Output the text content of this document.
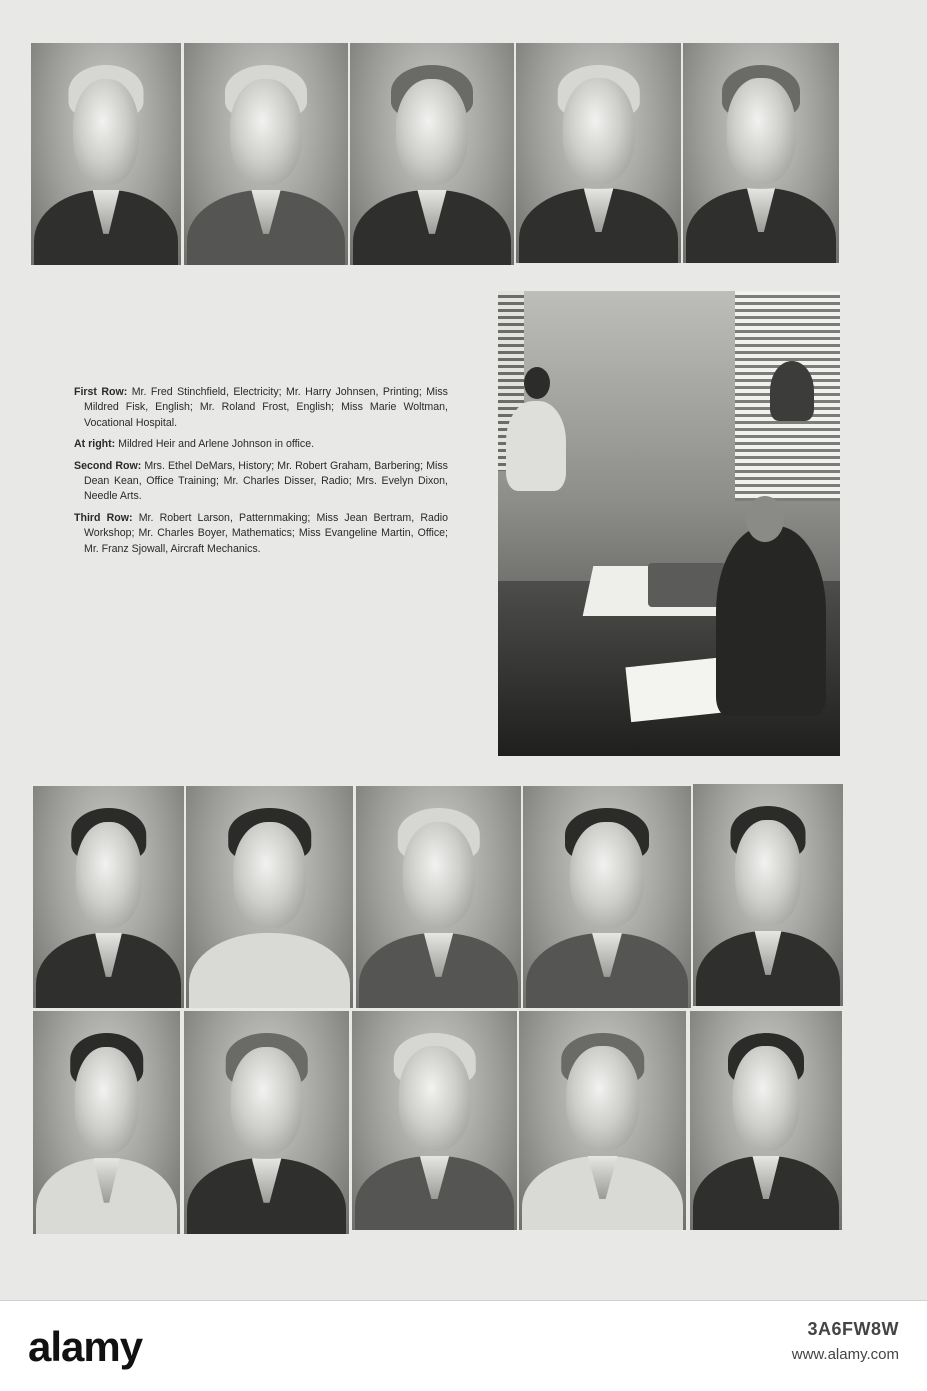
First Row: Mr. Fred Stinchfield, Electricity; Mr. Harry Johnsen, Printing; Miss Mildred Fisk, English; Mr. Roland Frost, English; Miss Marie Woltman, Vocational Hospital.

At right: Mildred Heir and Arlene Johnson in office.

Second Row: Mrs. Ethel DeMars, History; Mr. Robert Graham, Barbering; Miss Dean Kean, Office Training; Mr. Charles Disser, Radio; Mrs. Evelyn Dixon, Needle Arts.

Third Row: Mr. Robert Larson, Patternmaking; Miss Jean Bertram, Radio Workshop; Mr. Charles Boyer, Mathematics; Miss Evangeline Martin, Office; Mr. Franz Sjowall, Aircraft Mechanics.

alamy	3A6FW8W
www.alamy.com
